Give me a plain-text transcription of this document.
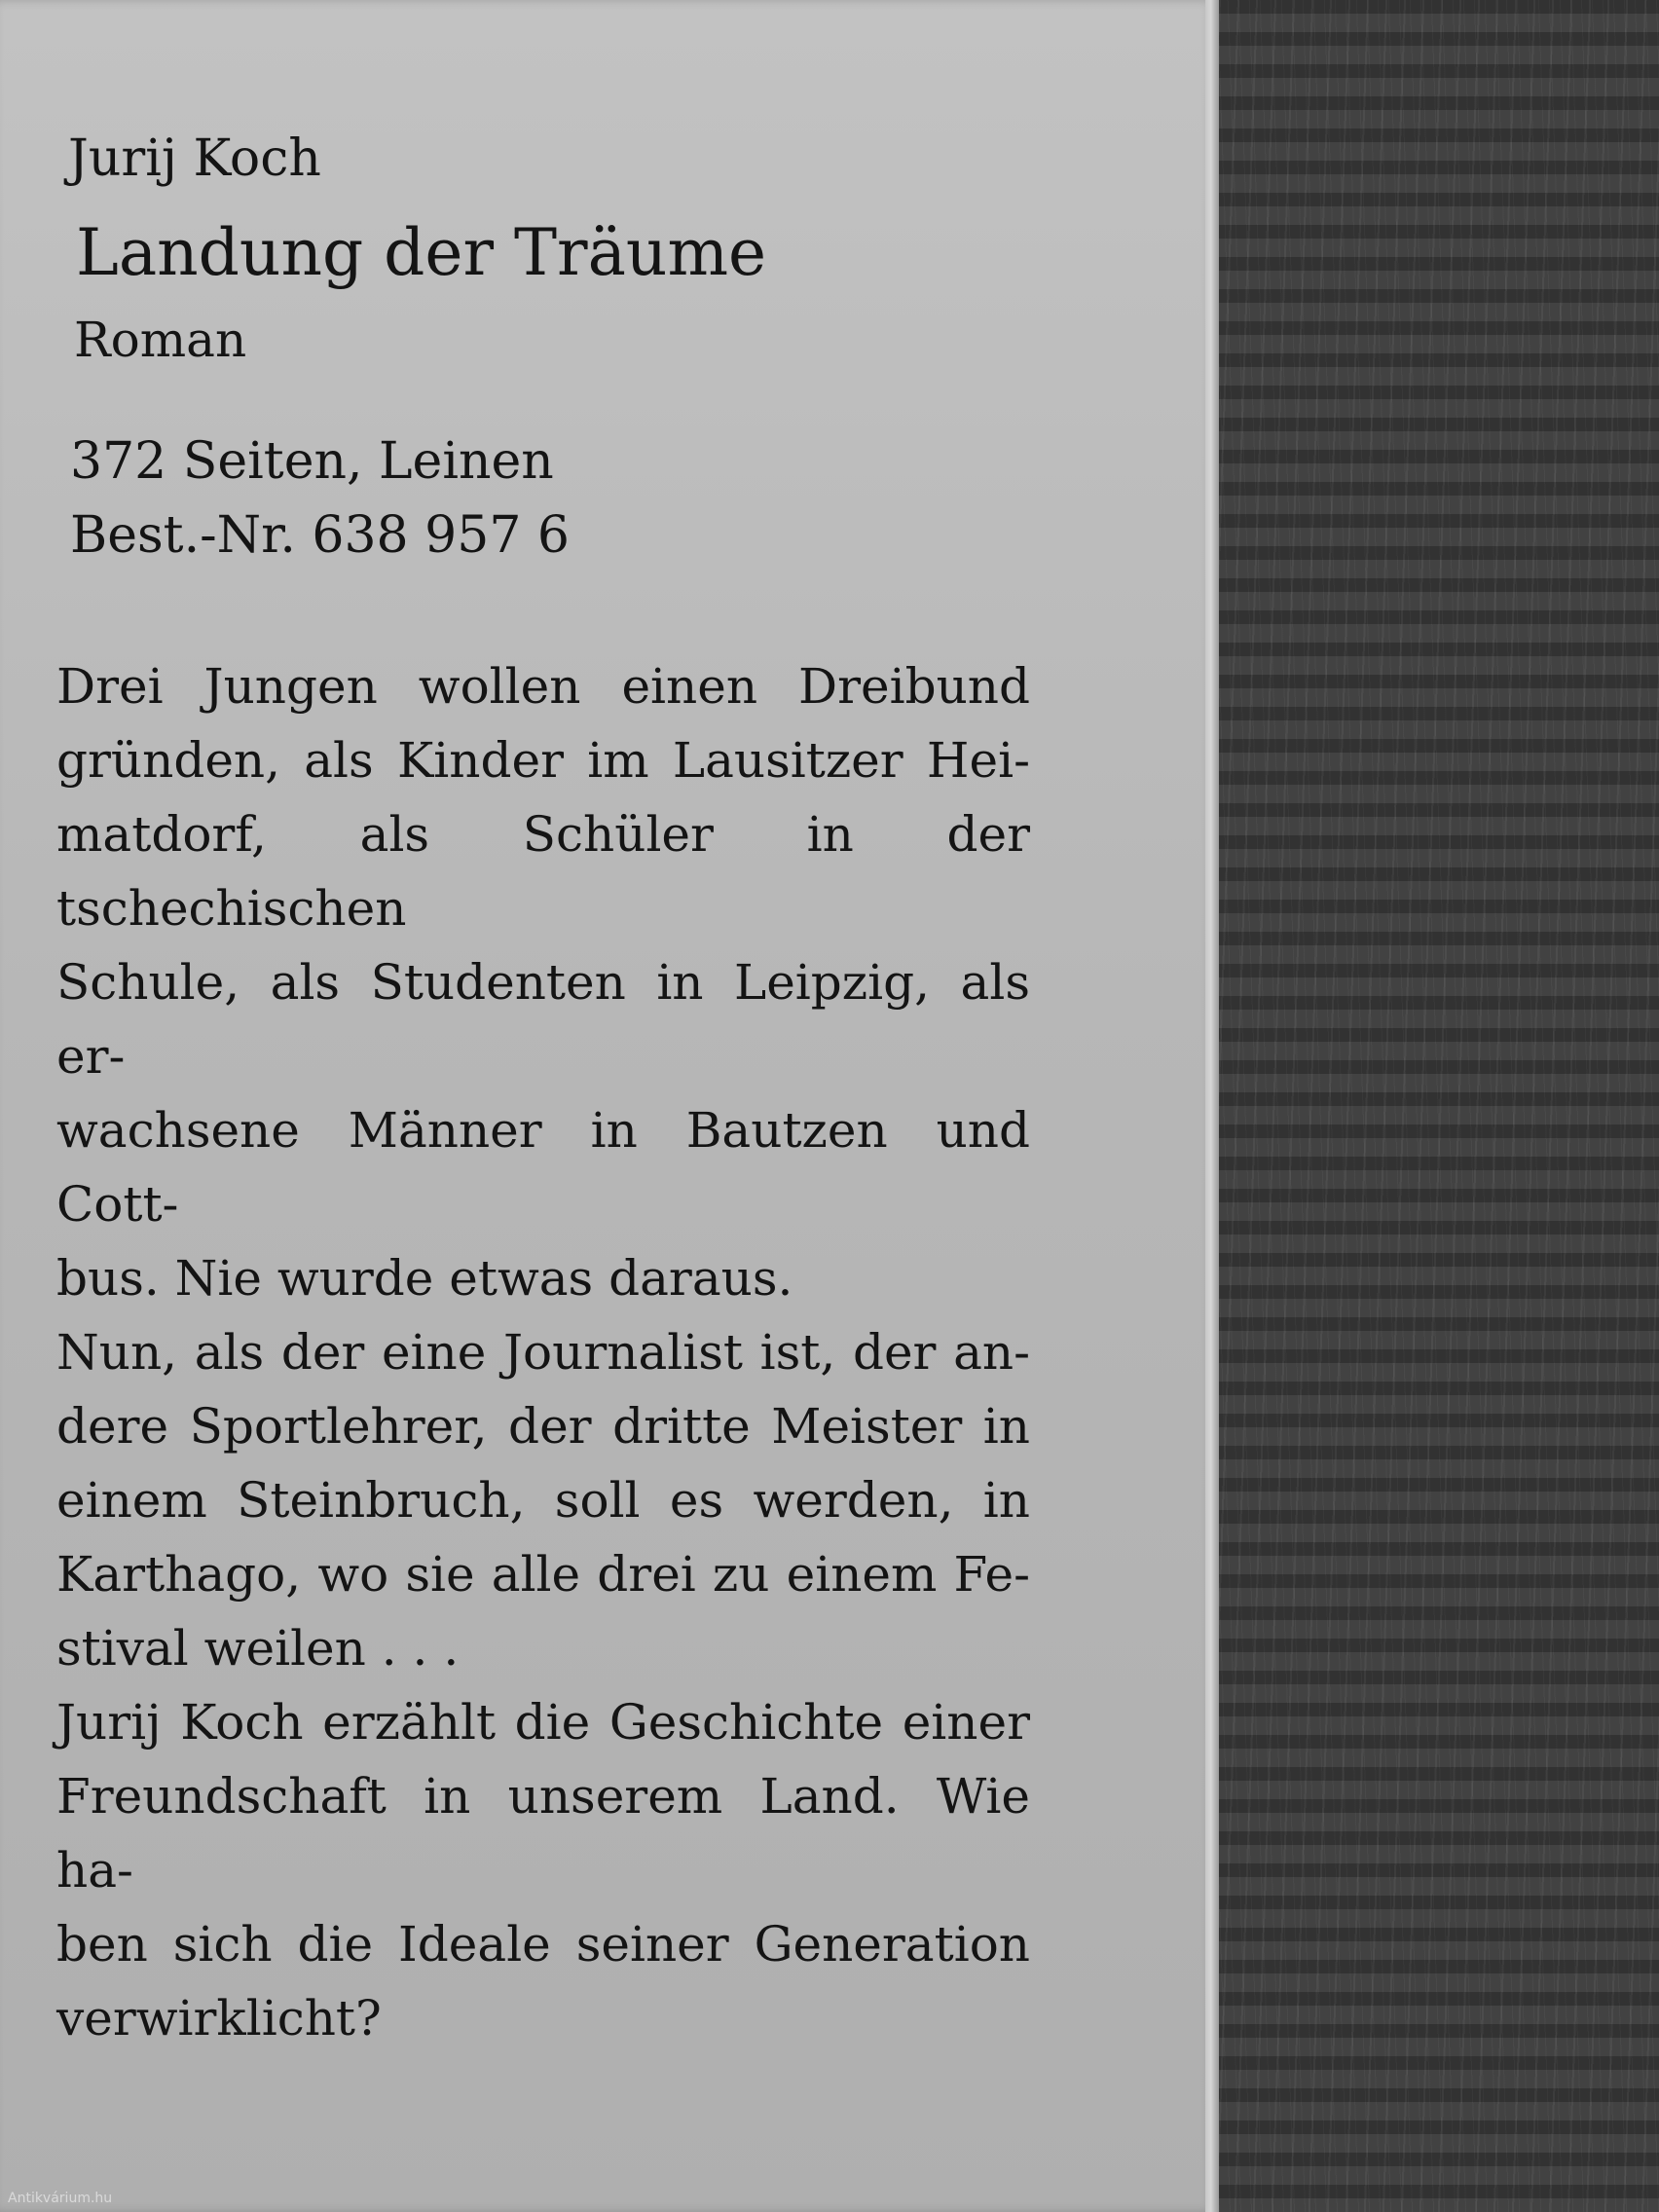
Jurij Koch
Landung der Träume
Roman
372 Seiten, Leinen
Best.-Nr. 638 957 6
Drei Jungen wollen einen Dreibund
gründen, als Kinder im Lausitzer Hei-
matdorf, als Schüler in der tschechischen
Schule, als Studenten in Leipzig, als er-
wachsene Männer in Bautzen und Cott-
bus. Nie wurde etwas daraus.
Nun, als der eine Journalist ist, der an-
dere Sportlehrer, der dritte Meister in
einem Steinbruch, soll es werden, in
Karthago, wo sie alle drei zu einem Fe-
stival weilen . . .
Jurij Koch erzählt die Geschichte einer
Freundschaft in unserem Land. Wie ha-
ben sich die Ideale seiner Generation
verwirklicht?
Antikvárium.hu
